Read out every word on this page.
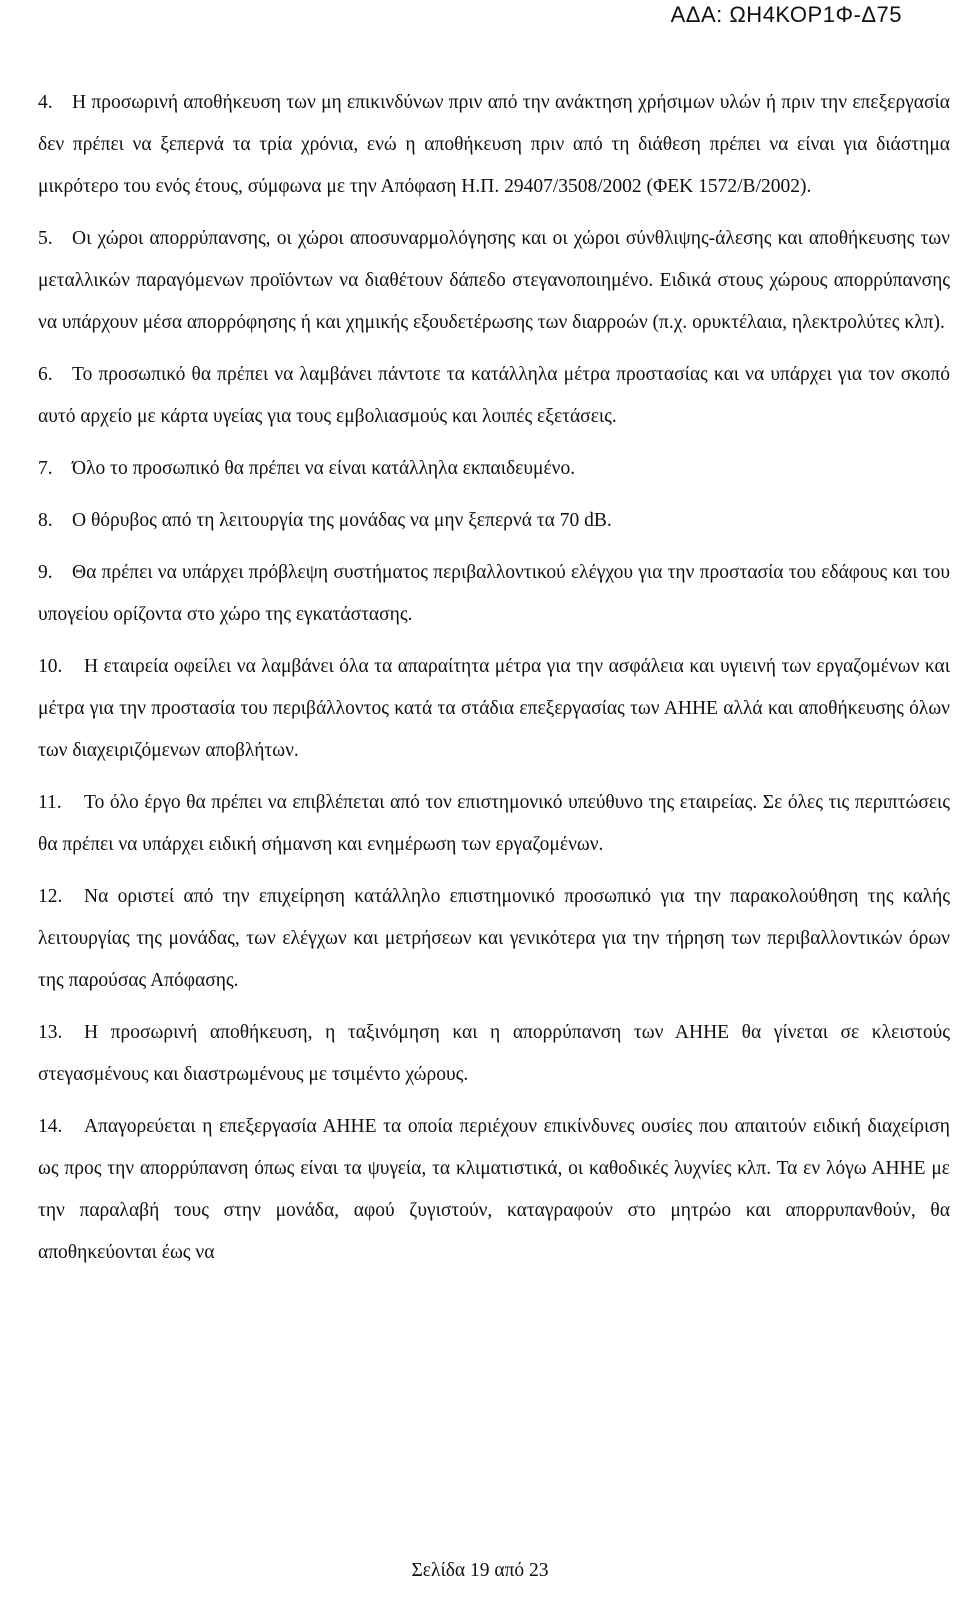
ΑΔΑ: ΩΗ4ΚΟΡ1Φ-Δ75
4. Η προσωρινή αποθήκευση των μη επικινδύνων πριν από την ανάκτηση χρήσιμων υλών ή πριν την επεξεργασία δεν πρέπει να ξεπερνά τα τρία χρόνια, ενώ η αποθήκευση πριν από τη διάθεση πρέπει να είναι για διάστημα μικρότερο του ενός έτους, σύμφωνα με την Απόφαση Η.Π. 29407/3508/2002 (ΦΕΚ 1572/Β/2002).
5. Οι χώροι απορρύπανσης, οι χώροι αποσυναρμολόγησης και οι χώροι σύνθλιψης-άλεσης και αποθήκευσης των μεταλλικών παραγόμενων προϊόντων να διαθέτουν δάπεδο στεγανοποιημένο. Ειδικά στους χώρους απορρύπανσης να υπάρχουν μέσα απορρόφησης ή και χημικής εξουδετέρωσης των διαρροών (π.χ. ορυκτέλαια, ηλεκτρολύτες κλπ).
6. Το προσωπικό θα πρέπει να λαμβάνει πάντοτε τα κατάλληλα μέτρα προστασίας και να υπάρχει για τον σκοπό αυτό αρχείο με κάρτα υγείας για τους εμβολιασμούς και λοιπές εξετάσεις.
7. Όλο το προσωπικό θα πρέπει να είναι κατάλληλα εκπαιδευμένο.
8. Ο θόρυβος από τη λειτουργία της μονάδας να μην ξεπερνά τα 70 dB.
9. Θα πρέπει να υπάρχει πρόβλεψη συστήματος περιβαλλοντικού ελέγχου για την προστασία του εδάφους και του υπογείου ορίζοντα στο χώρο της εγκατάστασης.
10. Η εταιρεία οφείλει να λαμβάνει όλα τα απαραίτητα μέτρα για την ασφάλεια και υγιεινή των εργαζομένων και μέτρα για την προστασία του περιβάλλοντος κατά τα στάδια επεξεργασίας των ΑΗΗΕ αλλά και αποθήκευσης όλων των διαχειριζόμενων αποβλήτων.
11. Το όλο έργο θα πρέπει να επιβλέπεται από τον επιστημονικό υπεύθυνο της εταιρείας. Σε όλες τις περιπτώσεις θα πρέπει να υπάρχει ειδική σήμανση και ενημέρωση των εργαζομένων.
12. Να οριστεί από την επιχείρηση κατάλληλο επιστημονικό προσωπικό για την παρακολούθηση της καλής λειτουργίας της μονάδας, των ελέγχων και μετρήσεων και γενικότερα για την τήρηση των περιβαλλοντικών όρων της παρούσας Απόφασης.
13. Η προσωρινή αποθήκευση, η ταξινόμηση και η απορρύπανση των ΑΗΗΕ θα γίνεται σε κλειστούς στεγασμένους και διαστρωμένους με τσιμέντο χώρους.
14. Απαγορεύεται η επεξεργασία ΑΗΗΕ τα οποία περιέχουν επικίνδυνες ουσίες που απαιτούν ειδική διαχείριση ως προς την απορρύπανση όπως είναι τα ψυγεία, τα κλιματιστικά, οι καθοδικές λυχνίες κλπ. Τα εν λόγω ΑΗΗΕ με την παραλαβή τους στην μονάδα, αφού ζυγιστούν, καταγραφούν στο μητρώο και απορρυπανθούν, θα αποθηκεύονται έως να
Σελίδα 19 από 23
